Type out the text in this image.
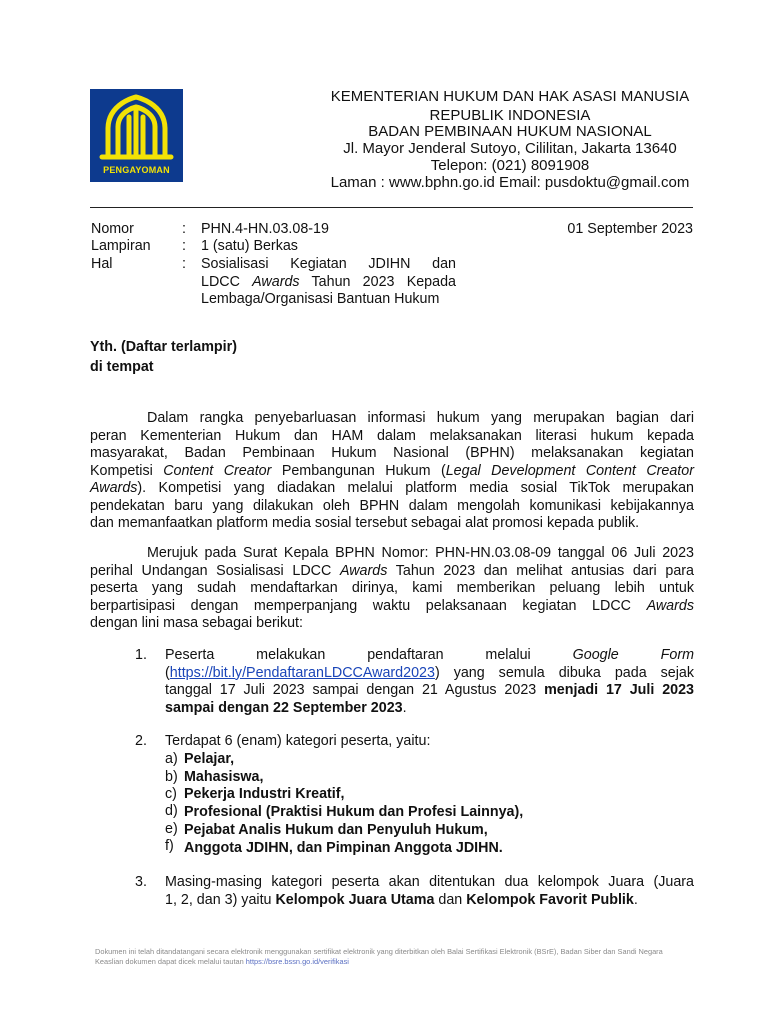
PENGAYOMAN
KEMENTERIAN HUKUM DAN HAK ASASI MANUSIA
REPUBLIK INDONESIA
BADAN PEMBINAAN HUKUM NASIONAL
Jl. Mayor Jenderal Sutoyo, Cililitan, Jakarta 13640
Telepon: (021) 8091908
Laman : www.bphn.go.id Email: pusdoktu@gmail.com
Nomor	: PHN.4-HN.03.08-19	01 September 2023
Lampiran : 1 (satu) Berkas
Hal	: Sosialisasi Kegiatan JDIHN dan
LDCC Awards Tahun 2023 Kepada
Lembaga/Organisasi Bantuan Hukum
Yth. (Daftar terlampir)
di tempat
Dalam rangka penyebarluasan informasi hukum yang merupakan bagian dari
peran Kementerian Hukum dan HAM dalam melaksanakan literasi hukum kepada
masyarakat, Badan Pembinaan Hukum Nasional (BPHN) melaksanakan kegiatan
Kompetisi Content Creator Pembangunan Hukum (Legal Development Content Creator
Awards). Kompetisi yang diadakan melalui platform media sosial TikTok merupakan
pendekatan baru yang dilakukan oleh BPHN dalam mengolah komunikasi kebijakannya
dan memanfaatkan platform media sosial tersebut sebagai alat promosi kepada publik.
Merujuk pada Surat Kepala BPHN Nomor: PHN-HN.03.08-09 tanggal 06 Juli 2023
perihal Undangan Sosialisasi LDCC Awards Tahun 2023 dan melihat antusias dari para
peserta yang sudah mendaftarkan dirinya, kami memberikan peluang lebih untuk
berpartisipasi dengan memperpanjang waktu pelaksanaan kegiatan LDCC Awards
dengan lini masa sebagai berikut:
1. Peserta melakukan pendaftaran melalui Google Form
(https://bit.ly/PendaftaranLDCCAward2023) yang semula dibuka pada sejak
tanggal 17 Juli 2023 sampai dengan 21 Agustus 2023 menjadi 17 Juli 2023
sampai dengan 22 September 2023.
2. Terdapat 6 (enam) kategori peserta, yaitu:
a) Pelajar,
b) Mahasiswa,
c) Pekerja Industri Kreatif,
d) Profesional (Praktisi Hukum dan Profesi Lainnya),
e) Pejabat Analis Hukum dan Penyuluh Hukum,
f) Anggota JDIHN, dan Pimpinan Anggota JDIHN.
3. Masing-masing kategori peserta akan ditentukan dua kelompok Juara (Juara
1, 2, dan 3) yaitu Kelompok Juara Utama dan Kelompok Favorit Publik.
Dokumen ini telah ditandatangani secara elektronik menggunakan sertifikat elektronik yang diterbitkan oleh Balai Sertifikasi Elektronik (BSrE), Badan Siber dan Sandi Negara
Keaslian dokumen dapat dicek melalui tautan https://bsre.bssn.go.id/verifikasi
